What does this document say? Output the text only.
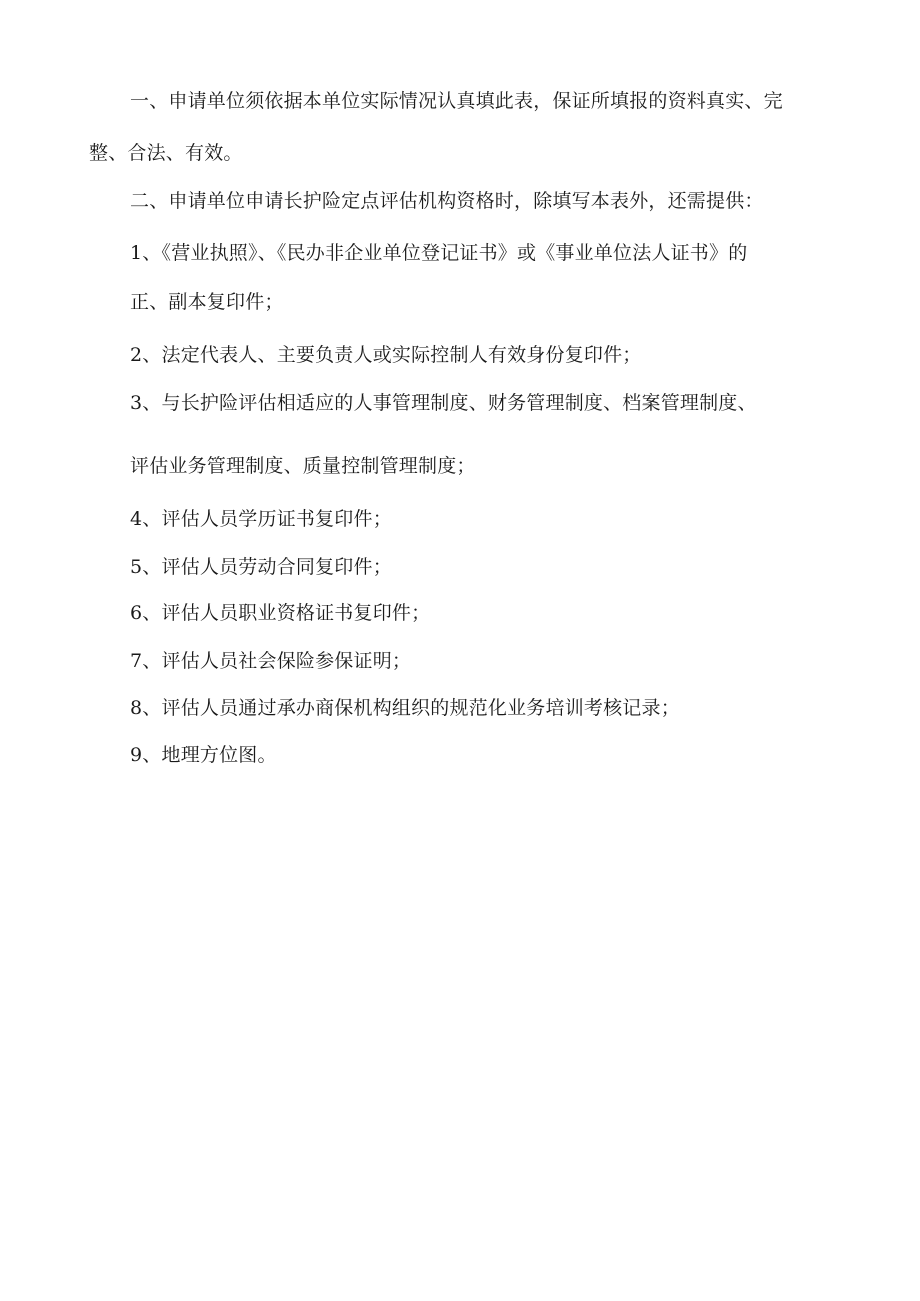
一、申请单位须依据本单位实际情况认真填此表，保证所填报的资料真实、完
整、合法、有效。
二、申请单位申请长护险定点评估机构资格时，除填写本表外，还需提供：
1、《营业执照》、《民办非企业单位登记证书》或《事业单位法人证书》的
正、副本复印件；
2、法定代表人、主要负责人或实际控制人有效身份复印件；
3、与长护险评估相适应的人事管理制度、财务管理制度、档案管理制度、
评估业务管理制度、质量控制管理制度；
4、评估人员学历证书复印件；
5、评估人员劳动合同复印件；
6、评估人员职业资格证书复印件；
7、评估人员社会保险参保证明；
8、评估人员通过承办商保机构组织的规范化业务培训考核记录；
9、地理方位图。
